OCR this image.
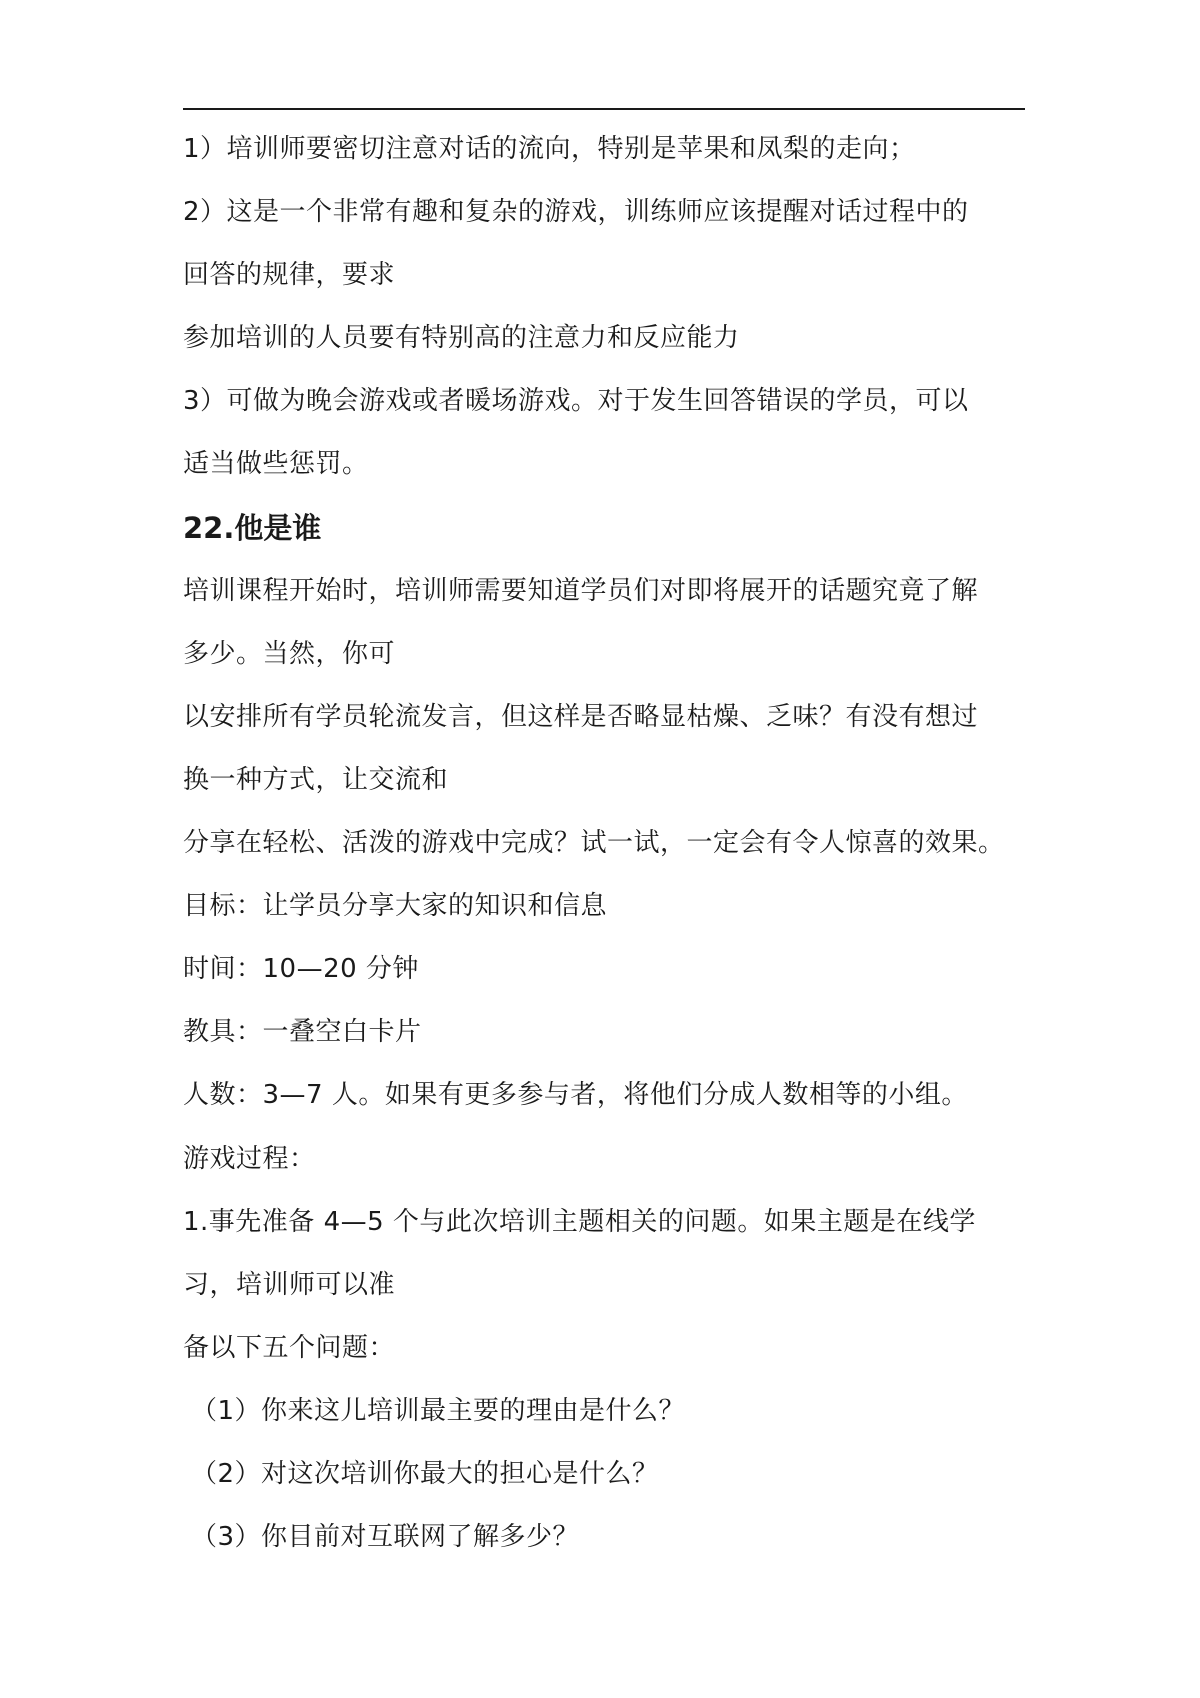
1）培训师要密切注意对话的流向，特别是苹果和凤梨的走向；
2）这是一个非常有趣和复杂的游戏，训练师应该提醒对话过程中的
回答的规律，要求
参加培训的人员要有特别高的注意力和反应能力
3）可做为晚会游戏或者暖场游戏。对于发生回答错误的学员，可以
适当做些惩罚。
22.他是谁
培训课程开始时，培训师需要知道学员们对即将展开的话题究竟了解
多少。当然，你可
以安排所有学员轮流发言，但这样是否略显枯燥、乏味？有没有想过
换一种方式，让交流和
分享在轻松、活泼的游戏中完成？试一试，一定会有令人惊喜的效果。
目标：让学员分享大家的知识和信息
时间：10—20 分钟
教具：一叠空白卡片
人数：3—7 人。如果有更多参与者，将他们分成人数相等的小组。
游戏过程：
1.事先准备 4—5 个与此次培训主题相关的问题。如果主题是在线学
习，培训师可以准
备以下五个问题：
（1）你来这儿培训最主要的理由是什么？
（2）对这次培训你最大的担心是什么？
（3）你目前对互联网了解多少？
